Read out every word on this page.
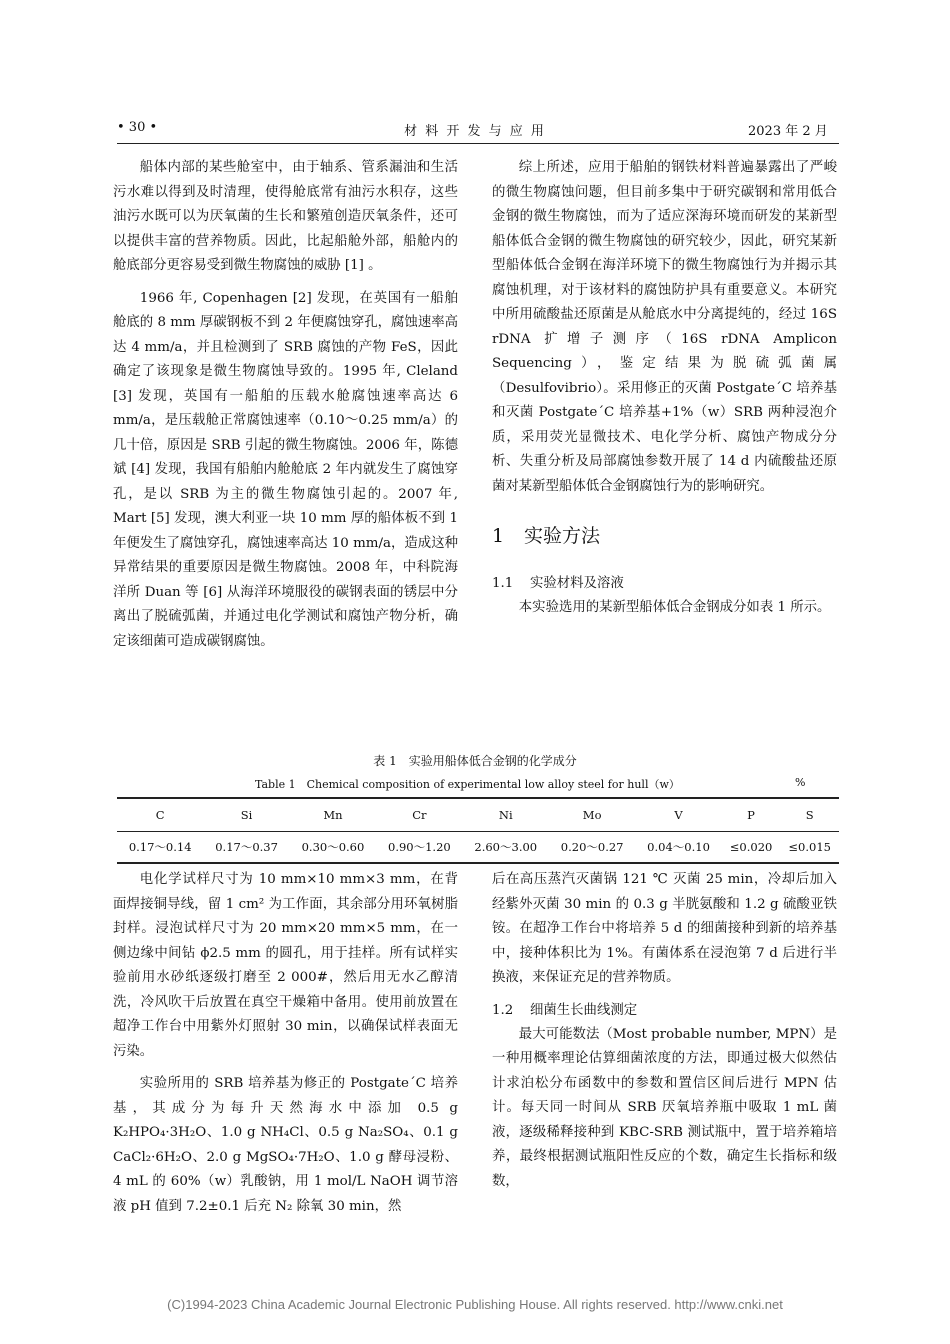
• 30 •	材 料 开 发 与 应 用	2023 年 2 月

船体内部的某些舱室中，由于轴系、管系漏油和生活污水难以得到及时清理，使得舱底常有油污水积存，这些油污水既可以为厌氧菌的生长和繁殖创造厌氧条件，还可以提供丰富的营养物质。因此，比起船舱外部，船舱内的舱底部分更容易受到微生物腐蚀的威胁 [1] 。

1966 年, Copenhagen [2] 发现，在英国有一船舶舱底的 8 mm 厚碳钢板不到 2 年便腐蚀穿孔，腐蚀速率高达 4 mm/a，并且检测到了 SRB 腐蚀的产物 FeS，因此确定了该现象是微生物腐蚀导致的。1995 年, Cleland [3] 发现，英国有一船舶的压载水舱腐蚀速率高达 6 mm/a，是压载舱正常腐蚀速率（0.10～0.25 mm/a）的几十倍，原因是 SRB 引起的微生物腐蚀。2006 年，陈德斌 [4] 发现，我国有船舶内舱舱底 2 年内就发生了腐蚀穿孔，是以 SRB 为主的微生物腐蚀引起的。2007 年, Mart [5] 发现，澳大利亚一块 10 mm 厚的船体板不到 1 年便发生了腐蚀穿孔，腐蚀速率高达 10 mm/a，造成这种异常结果的重要原因是微生物腐蚀。2008 年，中科院海洋所 Duan 等 [6] 从海洋环境服役的碳钢表面的锈层中分离出了脱硫弧菌，并通过电化学测试和腐蚀产物分析，确定该细菌可造成碳钢腐蚀。

综上所述，应用于船舶的钢铁材料普遍暴露出了严峻的微生物腐蚀问题，但目前多集中于研究碳钢和常用低合金钢的微生物腐蚀，而为了适应深海环境而研发的某新型船体低合金钢的微生物腐蚀的研究较少，因此，研究某新型船体低合金钢在海洋环境下的微生物腐蚀行为并揭示其腐蚀机理，对于该材料的腐蚀防护具有重要意义。本研究中所用硫酸盐还原菌是从舱底水中分离提纯的，经过 16S rDNA 扩增子测序（16S rDNA Amplicon Sequencing），鉴定结果为脱硫弧菌属（Desulfovibrio）。采用修正的灭菌 Postgate´C 培养基和灭菌 Postgate´C 培养基+1%（w）SRB 两种浸泡介质，采用荧光显微技术、电化学分析、腐蚀产物成分分析、失重分析及局部腐蚀参数开展了 14 d 内硫酸盐还原菌对某新型船体低合金钢腐蚀行为的影响研究。

1 实验方法
1.1 实验材料及溶液

本实验选用的某新型船体低合金钢成分如表 1 所示。

表 1　实验用船体低合金钢的化学成分
Table 1　Chemical composition of experimental low alloy steel for hull（w）	%
C	Si	Mn	Cr	Ni	Mo	V	P	S
0.17～0.14	0.17～0.37	0.30～0.60	0.90～1.20	2.60～3.00	0.20～0.27	0.04～0.10	≤0.020	≤0.015

电化学试样尺寸为 10 mm×10 mm×3 mm，在背面焊接铜导线，留 1 cm² 为工作面，其余部分用环氧树脂封样。浸泡试样尺寸为 20 mm×20 mm×5 mm，在一侧边缘中间钻 ϕ2.5 mm 的圆孔，用于挂样。所有试样实验前用水砂纸逐级打磨至 2 000#，然后用无水乙醇清洗，冷风吹干后放置在真空干燥箱中备用。使用前放置在超净工作台中用紫外灯照射 30 min，以确保试样表面无污染。

实验所用的 SRB 培养基为修正的 Postgate´C 培养基，其成分为每升天然海水中添加 0.5 g K₂HPO₄·3H₂O、1.0 g NH₄Cl、0.5 g Na₂SO₄、0.1 g CaCl₂·6H₂O、2.0 g MgSO₄·7H₂O、1.0 g 酵母浸粉、4 mL 的 60%（w）乳酸钠，用 1 mol/L NaOH 调节溶液 pH 值到 7.2±0.1 后充 N₂ 除氧 30 min，然

后在高压蒸汽灭菌锅 121 ℃ 灭菌 25 min，冷却后加入经紫外灭菌 30 min 的 0.3 g 半胱氨酸和 1.2 g 硫酸亚铁铵。在超净工作台中将培养 5 d 的细菌接种到新的培养基中，接种体积比为 1%。有菌体系在浸泡第 7 d 后进行半换液，来保证充足的营养物质。

1.2 细菌生长曲线测定

最大可能数法（Most probable number, MPN）是一种用概率理论估算细菌浓度的方法，即通过极大似然估计求泊松分布函数中的参数和置信区间后进行 MPN 估计。每天同一时间从 SRB 厌氧培养瓶中吸取 1 mL 菌液，逐级稀释接种到 KBC-SRB 测试瓶中，置于培养箱培养，最终根据测试瓶阳性反应的个数，确定生长指标和级数，

(C)1994-2023 China Academic Journal Electronic Publishing House. All rights reserved. http://www.cnki.net
